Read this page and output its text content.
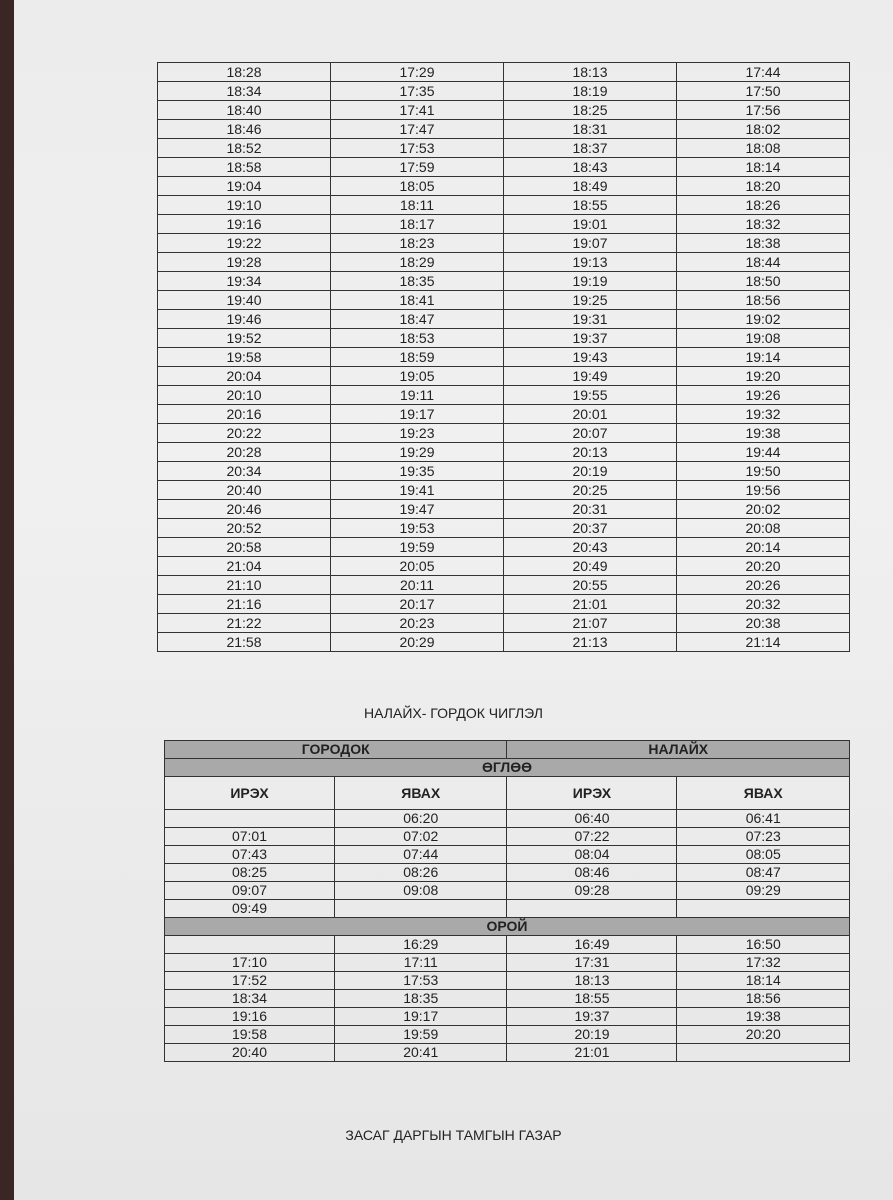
18:28	17:29	18:13	17:44
18:34	17:35	18:19	17:50
18:40	17:41	18:25	17:56
18:46	17:47	18:31	18:02
18:52	17:53	18:37	18:08
18:58	17:59	18:43	18:14
19:04	18:05	18:49	18:20
19:10	18:11	18:55	18:26
19:16	18:17	19:01	18:32
19:22	18:23	19:07	18:38
19:28	18:29	19:13	18:44
19:34	18:35	19:19	18:50
19:40	18:41	19:25	18:56
19:46	18:47	19:31	19:02
19:52	18:53	19:37	19:08
19:58	18:59	19:43	19:14
20:04	19:05	19:49	19:20
20:10	19:11	19:55	19:26
20:16	19:17	20:01	19:32
20:22	19:23	20:07	19:38
20:28	19:29	20:13	19:44
20:34	19:35	20:19	19:50
20:40	19:41	20:25	19:56
20:46	19:47	20:31	20:02
20:52	19:53	20:37	20:08
20:58	19:59	20:43	20:14
21:04	20:05	20:49	20:20
21:10	20:11	20:55	20:26
21:16	20:17	21:01	20:32
21:22	20:23	21:07	20:38
21:58	20:29	21:13	21:14
НАЛАЙХ- ГОРДОК ЧИГЛЭЛ
ГОРОДОК		НАЛАЙХ	
ӨГЛӨӨ			
ИРЭХ	ЯВАХ	ИРЭХ	ЯВАХ
	06:20	06:40	06:41
07:01	07:02	07:22	07:23
07:43	07:44	08:04	08:05
08:25	08:26	08:46	08:47
09:07	09:08	09:28	09:29
09:49			
ОРОЙ			
	16:29	16:49	16:50
17:10	17:11	17:31	17:32
17:52	17:53	18:13	18:14
18:34	18:35	18:55	18:56
19:16	19:17	19:37	19:38
19:58	19:59	20:19	20:20
20:40	20:41	21:01	
ЗАСАГ ДАРГЫН ТАМГЫН ГАЗАР
